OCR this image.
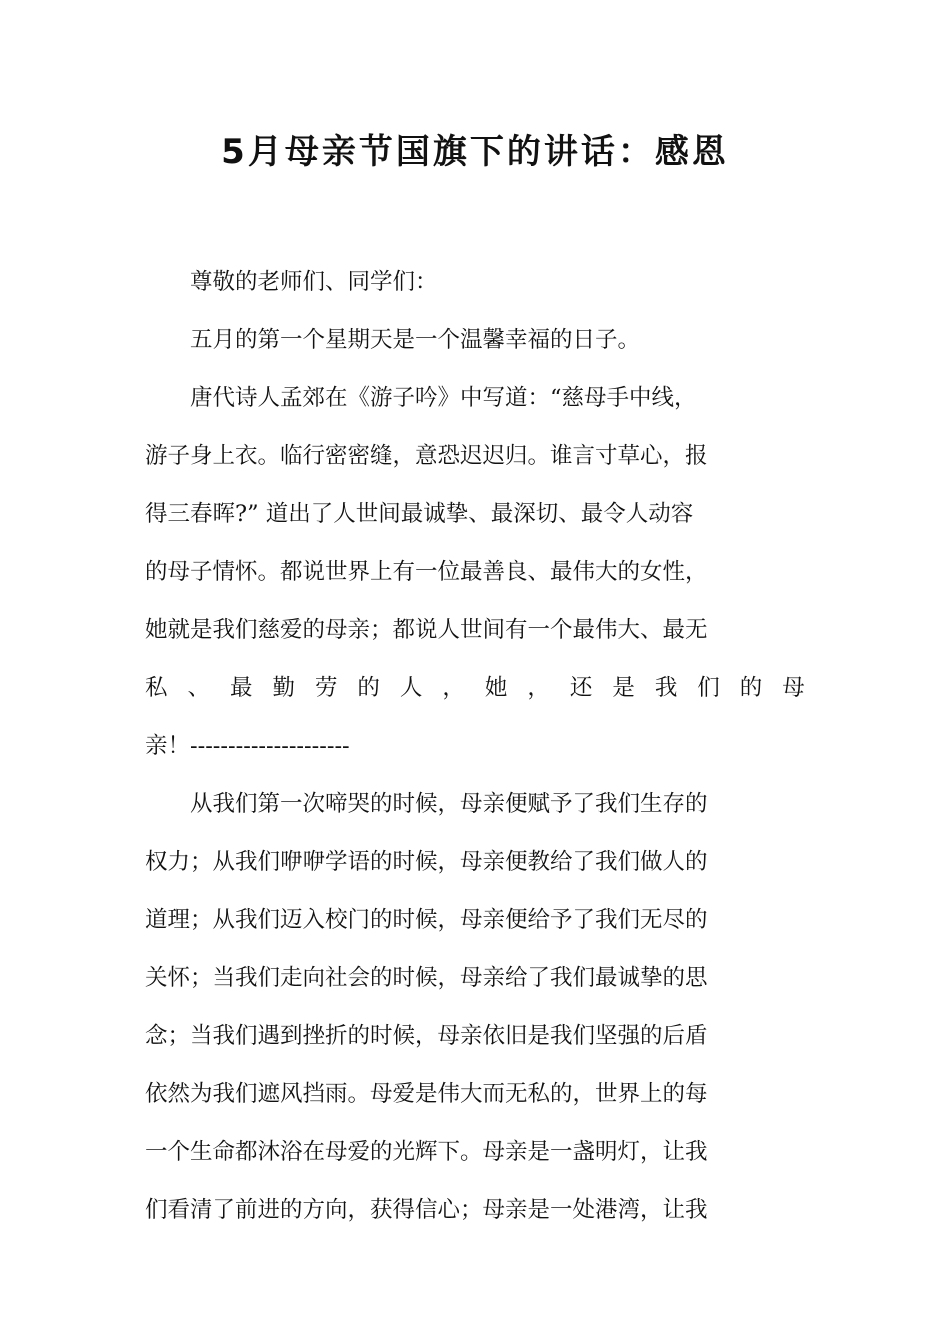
5月母亲节国旗下的讲话：感恩

尊敬的老师们、同学们：

五月的第一个星期天是一个温馨幸福的日子。

唐代诗人孟郊在《游子吟》中写道：“慈母手中线，
游子身上衣。临行密密缝，意恐迟迟归。谁言寸草心，报
得三春晖?” 道出了人世间最诚挚、最深切、最令人动容
的母子情怀。都说世界上有一位最善良、最伟大的女性，
她就是我们慈爱的母亲；都说人世间有一个最伟大、最无
私 、 最 勤 劳 的 人 ， 她 ， 还 是 我 们 的 母
亲！---------------------
从我们第一次啼哭的时候，母亲便赋予了我们生存的
权力；从我们咿咿学语的时候，母亲便教给了我们做人的
道理；从我们迈入校门的时候，母亲便给予了我们无尽的
关怀；当我们走向社会的时候，母亲给了我们最诚挚的思
念；当我们遇到挫折的时候，母亲依旧是我们坚强的后盾
依然为我们遮风挡雨。母爱是伟大而无私的，世界上的每
一个生命都沐浴在母爱的光辉下。母亲是一盏明灯，让我
们看清了前进的方向，获得信心；母亲是一处港湾，让我
